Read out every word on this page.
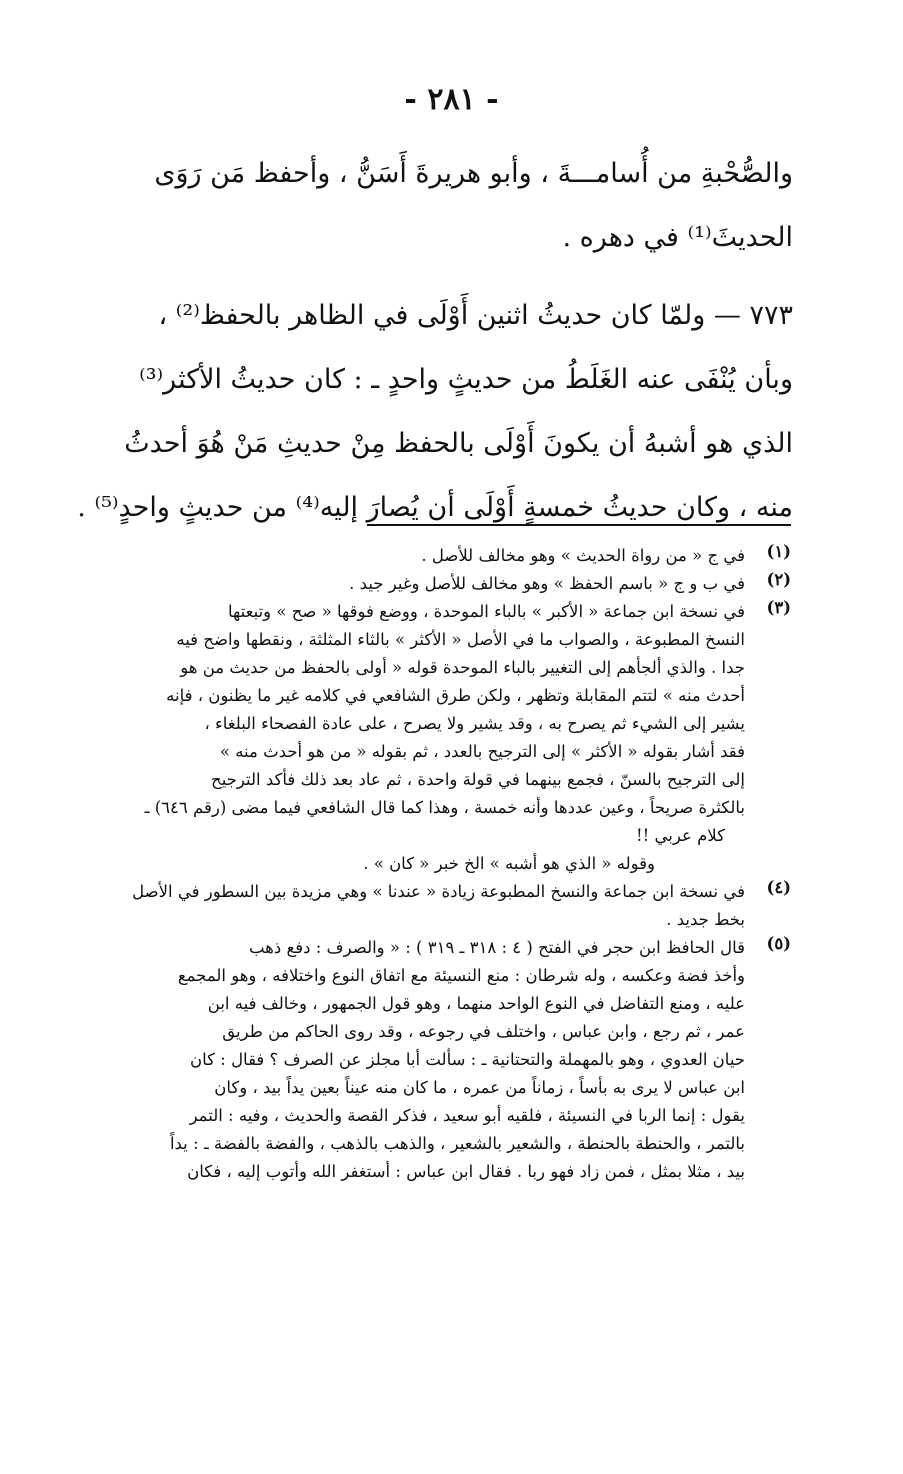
- ٢٨١ -
والصُّحْبةِ من أُسامـــةَ ، وأبو هريرةَ أَسَنُّ ، وأحفظ مَن رَوَى
الحديثَ⁽¹⁾ في دهره .
٧٧٣ — ولمّا كان حديثُ اثنين أَوْلَى في الظاهر بالحفظ⁽²⁾ ،
وبأن يُنْفَى عنه الغَلَطُ من حديثٍ واحدٍ ـ : كان حديثُ الأكثر⁽³⁾
الذي هو أشبهُ أن يكونَ أَوْلَى بالحفظ مِنْ حديثِ مَنْ هُوَ أحدثُ
منه ، وكان حديثُ خمسةٍ أَوْلَى أن يُصارَ إليه⁽⁴⁾ من حديثٍ واحدٍ⁽⁵⁾ .
(١)
في ج « من رواة الحديث » وهو مخالف للأصل .
(٢)
في ب و ج « باسم الحفظ » وهو مخالف للأصل وغير جيد .
(٣)
في نسخة ابن جماعة « الأكبر » بالباء الموحدة ، ووضع فوقها « صح » وتبعتها
النسخ المطبوعة ، والصواب ما في الأصل « الأكثر » بالثاء المثلثة ، ونقطها واضح فيه
جدا . والذي ألجأهم إلى التغيير بالباء الموحدة قوله « أولى بالحفظ من حديث من هو
أحدث منه » لتتم المقابلة وتظهر ، ولكن طرق الشافعي في كلامه غير ما يظنون ، فإنه
يشير إلى الشيء ثم يصرح به ، وقد يشير ولا يصرح ، على عادة الفصحاء البلغاء ،
فقد أشار بقوله « الأكثر » إلى الترجيح بالعدد ، ثم بقوله « من هو أحدث منه »
إلى الترجيح بالسنّ ، فجمع بينهما في قولة واحدة ، ثم عاد بعد ذلك فأكد الترجيح
بالكثرة صريحاً ، وعين عددها وأنه خمسة ، وهذا كما قال الشافعي فيما مضى (رقم ٦٤٦) ـ
كلام عربي !!
وقوله « الذي هو أشبه » الخ خبر « كان » .
(٤)
في نسخة ابن جماعة والنسخ المطبوعة زيادة « عندنا » وهي مزيدة بين السطور في الأصل
بخط جديد .
(٥)
قال الحافظ ابن حجر في الفتح ( ٤ : ٣١٨ ـ ٣١٩ ) : « والصرف : دفع ذهب
وأخذ فضة وعكسه ، وله شرطان : منع النسيئة مع اتفاق النوع واختلافه ، وهو المجمع
عليه ، ومنع التفاضل في النوع الواحد منهما ، وهو قول الجمهور ، وخالف فيه ابن
عمر ، ثم رجع ، وابن عباس ، واختلف في رجوعه ، وقد روى الحاكم من طريق
حيان العدوي ، وهو بالمهملة والتحتانية ـ : سألت أبا مجلز عن الصرف ؟ فقال : كان
ابن عباس لا يرى به بأساً ، زماناً من عمره ، ما كان منه عيناً بعين يداً بيد ، وكان
يقول : إنما الربا في النسيئة ، فلقيه أبو سعيد ، فذكر القصة والحديث ، وفيه : التمر
بالتمر ، والحنطة بالحنطة ، والشعير بالشعير ، والذهب بالذهب ، والفضة بالفضة ـ : يداً
بيد ، مثلا بمثل ، فمن زاد فهو ربا . فقال ابن عباس : أستغفر الله وأتوب إليه ، فكان
